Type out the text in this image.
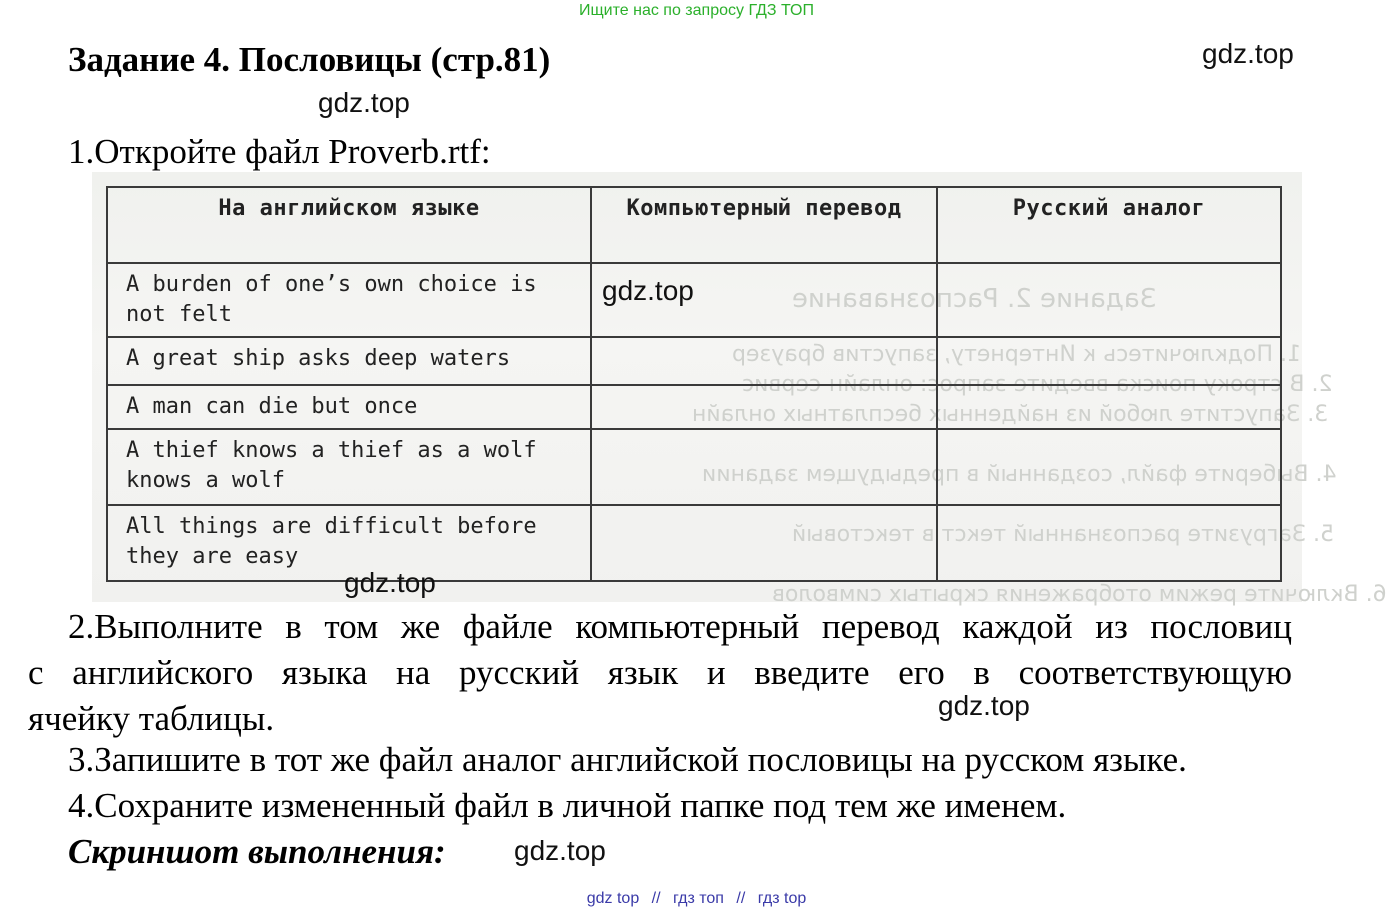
Ищите нас по запросу ГДЗ ТОП
Задание 4. Пословицы (стр.81)	gdz.top
gdz.top
1.Откройте файл Proverb.rtf:
Задание 2. Распознавание
1. Подключитесь к Интернету, запустив браузер
2. В строку поиска введите запрос: онлайн-сервис
3. Запустите любой из найденных бесплатных онлайн
4. Выберите файл, созданный в предыдущем задании
5. Загрузите распознанный текст в текстовый
6. Включите режим отображения скрытых символов
На английском языке	Компьютерный перевод	Русский аналог
A burden of one’s own choice is not felt		
A great ship asks deep waters		
A man can die but once		
A thief knows a thief as a wolf knows a wolf		
All things are difficult before they are easy		
gdz.top
gdz.top
2.Выполните в том же файле компьютерный перевод каждой из пословиц
с английского языка на русский язык и введите его в соответствующую
ячейку таблицы.	gdz.top
3.Запишите в тот же файл аналог английской пословицы на русском языке.
4.Сохраните измененный файл в личной папке под тем же именем.
Скриншот выполнения: gdz.top
gdz top // гдз топ // гдз top
